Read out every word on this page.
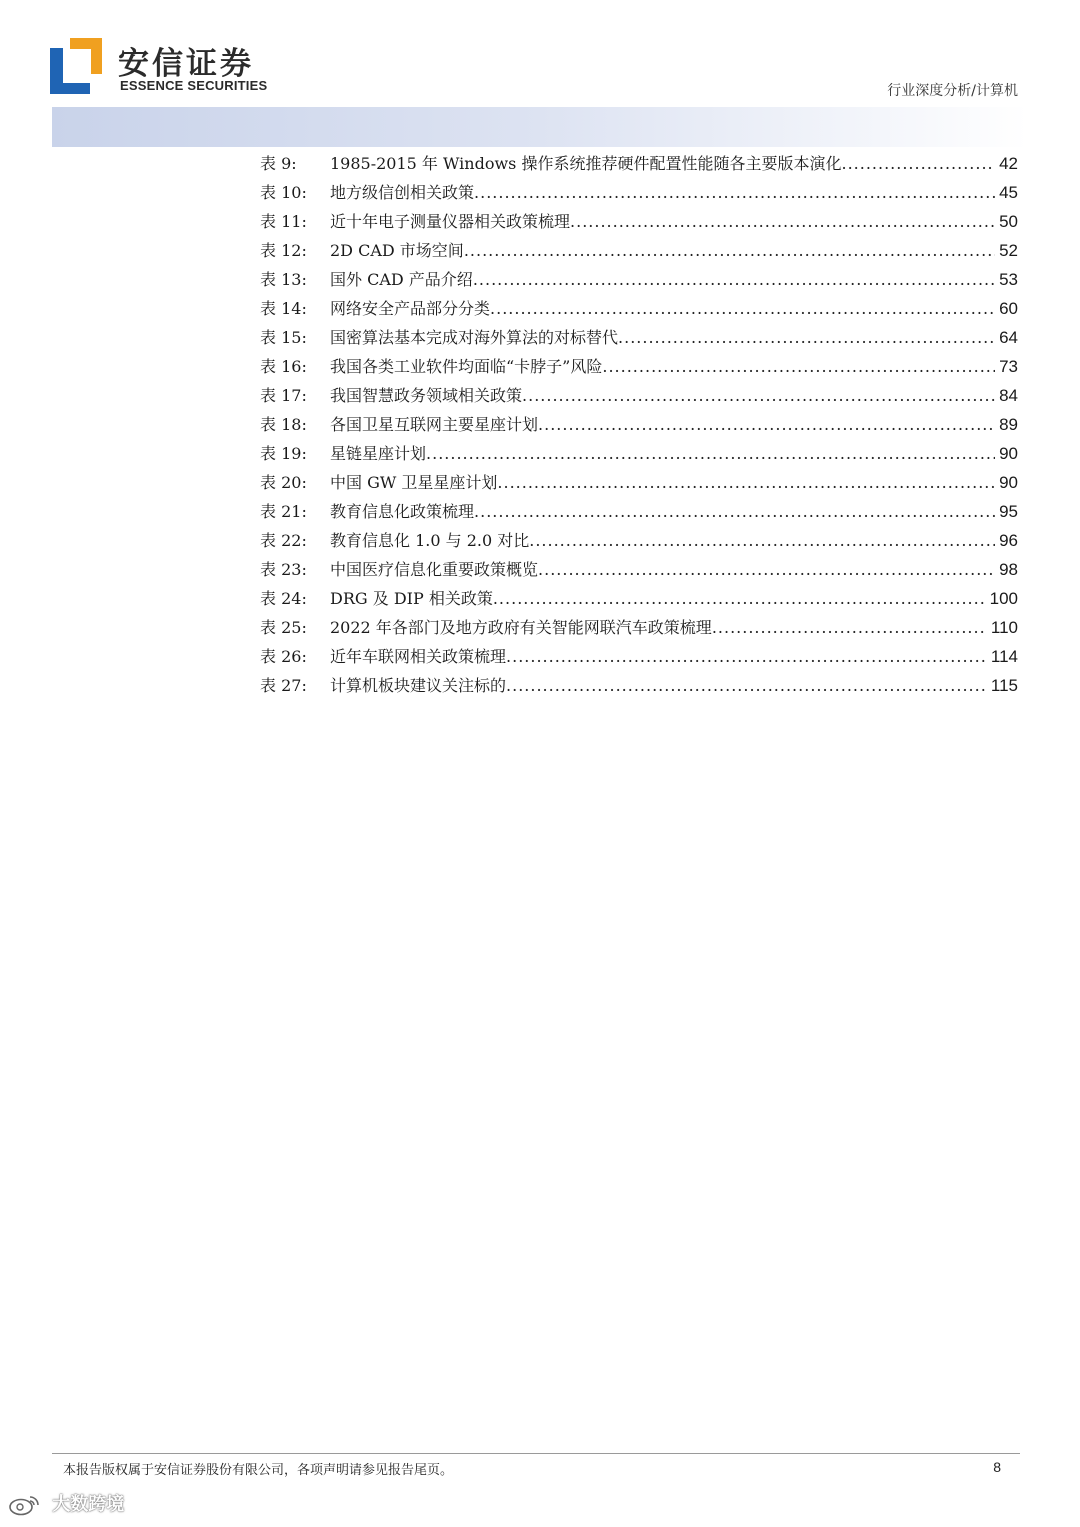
安信证券
ESSENCE SECURITIES	行业深度分析/计算机
表 9:	1985-2015 年 Windows 操作系统推荐硬件配置性能随各主要版本演化 .....	42
表 10:	地方级信创相关政策 .....	45
表 11:	近十年电子测量仪器相关政策梳理 .....	50
表 12:	2D CAD 市场空间 .....	52
表 13:	国外 CAD 产品介绍 .....	53
表 14:	网络安全产品部分分类 .....	60
表 15:	国密算法基本完成对海外算法的对标替代 .....	64
表 16:	我国各类工业软件均面临“卡脖子”风险 .....	73
表 17:	我国智慧政务领域相关政策 .....	84
表 18:	各国卫星互联网主要星座计划 .....	89
表 19:	星链星座计划 .....	90
表 20:	中国 GW 卫星星座计划 .....	90
表 21:	教育信息化政策梳理 .....	95
表 22:	教育信息化 1.0 与 2.0 对比 .....	96
表 23:	中国医疗信息化重要政策概览 .....	98
表 24:	DRG 及 DIP 相关政策 .....	100
表 25:	2022 年各部门及地方政府有关智能网联汽车政策梳理 .....	110
表 26:	近年车联网相关政策梳理 .....	114
表 27:	计算机板块建议关注标的 .....	115
本报告版权属于安信证券股份有限公司，各项声明请参见报告尾页。	8
大数跨境
